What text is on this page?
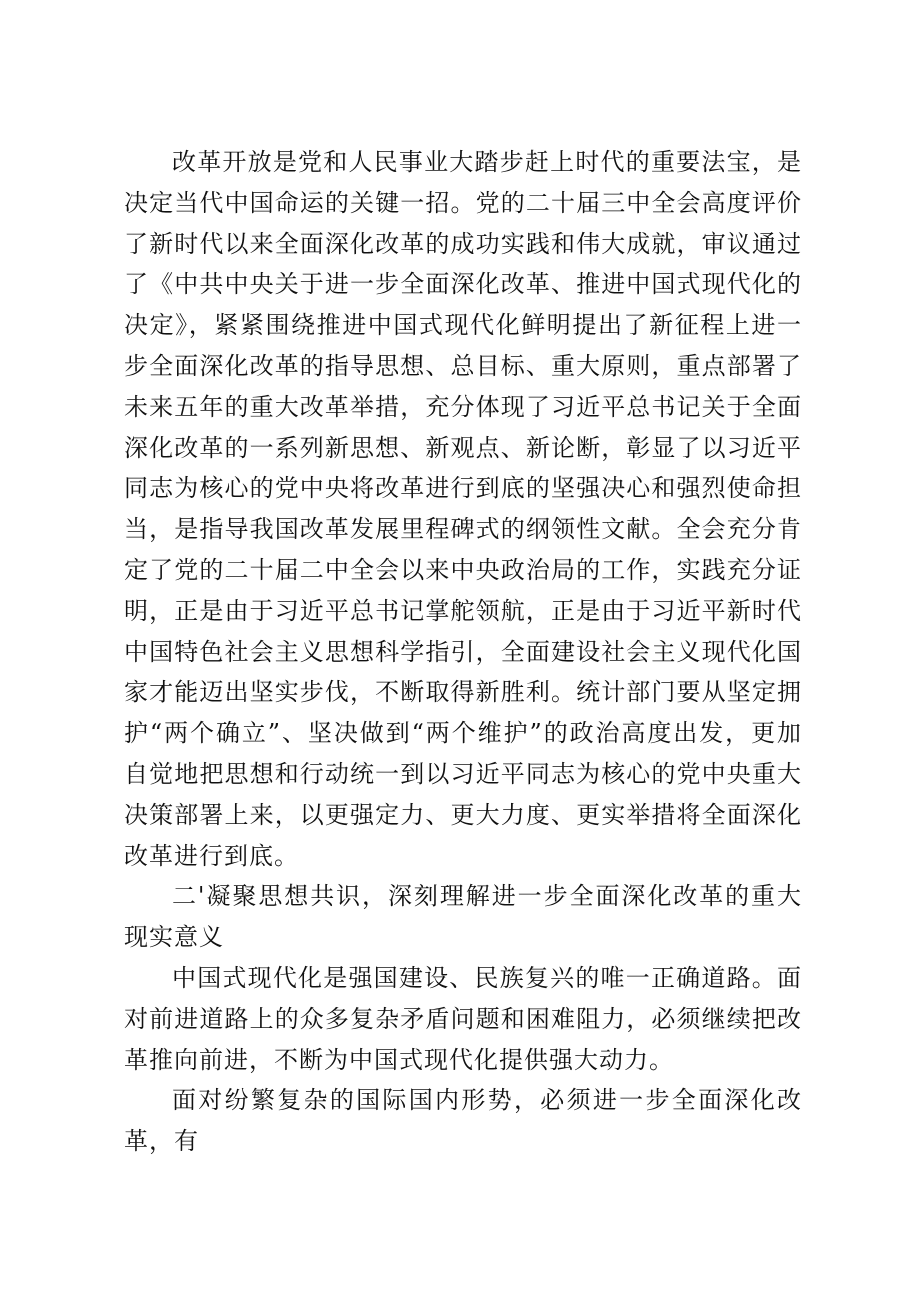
改革开放是党和人民事业大踏步赶上时代的重要法宝，是决定当代中国命运的关键一招。党的二十届三中全会高度评价了新时代以来全面深化改革的成功实践和伟大成就，审议通过了《中共中央关于进一步全面深化改革、推进中国式现代化的决定》，紧紧围绕推进中国式现代化鲜明提出了新征程上进一步全面深化改革的指导思想、总目标、重大原则，重点部署了未来五年的重大改革举措，充分体现了习近平总书记关于全面深化改革的一系列新思想、新观点、新论断，彰显了以习近平同志为核心的党中央将改革进行到底的坚强决心和强烈使命担当，是指导我国改革发展里程碑式的纲领性文献。全会充分肯定了党的二十届二中全会以来中央政治局的工作，实践充分证明，正是由于习近平总书记掌舵领航，正是由于习近平新时代中国特色社会主义思想科学指引，全面建设社会主义现代化国家才能迈出坚实步伐，不断取得新胜利。统计部门要从坚定拥护“两个确立”、坚决做到“两个维护”的政治高度出发，更加自觉地把思想和行动统一到以习近平同志为核心的党中央重大决策部署上来，以更强定力、更大力度、更实举措将全面深化改革进行到底。

二'凝聚思想共识，深刻理解进一步全面深化改革的重大现实意义

中国式现代化是强国建设、民族复兴的唯一正确道路。面对前进道路上的众多复杂矛盾问题和困难阻力，必须继续把改革推向前进，不断为中国式现代化提供强大动力。

面对纷繁复杂的国际国内形势，必须进一步全面深化改革，有
